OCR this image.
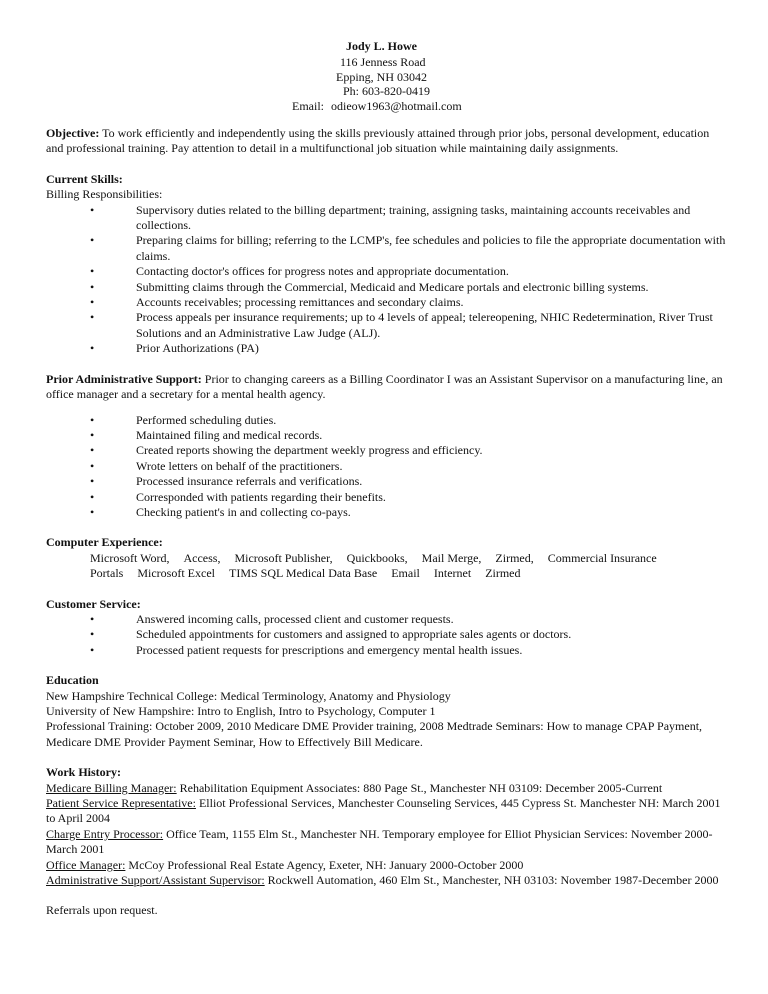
Jody L. Howe
116 Jenness Road
Epping, NH 03042
Ph: 603-820-0419
Email: odieow1963@hotmail.com

Objective: To work efficiently and independently using the skills previously attained through prior jobs, personal development, education and professional training. Pay attention to detail in a multifunctional job situation while maintaining daily assignments.

Current Skills:
Billing Responsibilities:
•	Supervisory duties related to the billing department; training, assigning tasks, maintaining accounts receivables and collections.
•	Preparing claims for billing; referring to the LCMP's, fee schedules and policies to file the appropriate documentation with claims.
•	Contacting doctor's offices for progress notes and appropriate documentation.
•	Submitting claims through the Commercial, Medicaid and Medicare portals and electronic billing systems.
•	Accounts receivables; processing remittances and secondary claims.
•	Process appeals per insurance requirements; up to 4 levels of appeal; telereopening, NHIC Redetermination, River Trust Solutions and an Administrative Law Judge (ALJ).
•	Prior Authorizations (PA)

Prior Administrative Support: Prior to changing careers as a Billing Coordinator I was an Assistant Supervisor on a manufacturing line, an office manager and a secretary for a mental health agency.

•	Performed scheduling duties.
•	Maintained filing and medical records.
•	Created reports showing the department weekly progress and efficiency.
•	Wrote letters on behalf of the practitioners.
•	Processed insurance referrals and verifications.
•	Corresponded with patients regarding their benefits.
•	Checking patient's in and collecting co-pays.
Computer Experience:
Microsoft Word, Access, Microsoft Publisher, Quickbooks, Mail Merge, Zirmed, Commercial Insurance
Portals Microsoft Excel TIMS SQL Medical Data Base Email Internet Zirmed
Customer Service:
•	Answered incoming calls, processed client and customer requests.
•	Scheduled appointments for customers and assigned to appropriate sales agents or doctors.
•	Processed patient requests for prescriptions and emergency mental health issues.
Education
New Hampshire Technical College: Medical Terminology, Anatomy and Physiology
University of New Hampshire: Intro to English, Intro to Psychology, Computer 1
Professional Training: October 2009, 2010 Medicare DME Provider training, 2008 Medtrade Seminars: How to manage CPAP Payment, Medicare DME Provider Payment Seminar, How to Effectively Bill Medicare.
Work History:
Medicare Billing Manager: Rehabilitation Equipment Associates: 880 Page St., Manchester NH 03109: December 2005-Current
Patient Service Representative: Elliot Professional Services, Manchester Counseling Services, 445 Cypress St. Manchester NH: March 2001 to April 2004
Charge Entry Processor: Office Team, 1155 Elm St., Manchester NH. Temporary employee for Elliot Physician Services: November 2000-March 2001
Office Manager: McCoy Professional Real Estate Agency, Exeter, NH: January 2000-October 2000
Administrative Support/Assistant Supervisor: Rockwell Automation, 460 Elm St., Manchester, NH 03103: November 1987-December 2000
Referrals upon request.
